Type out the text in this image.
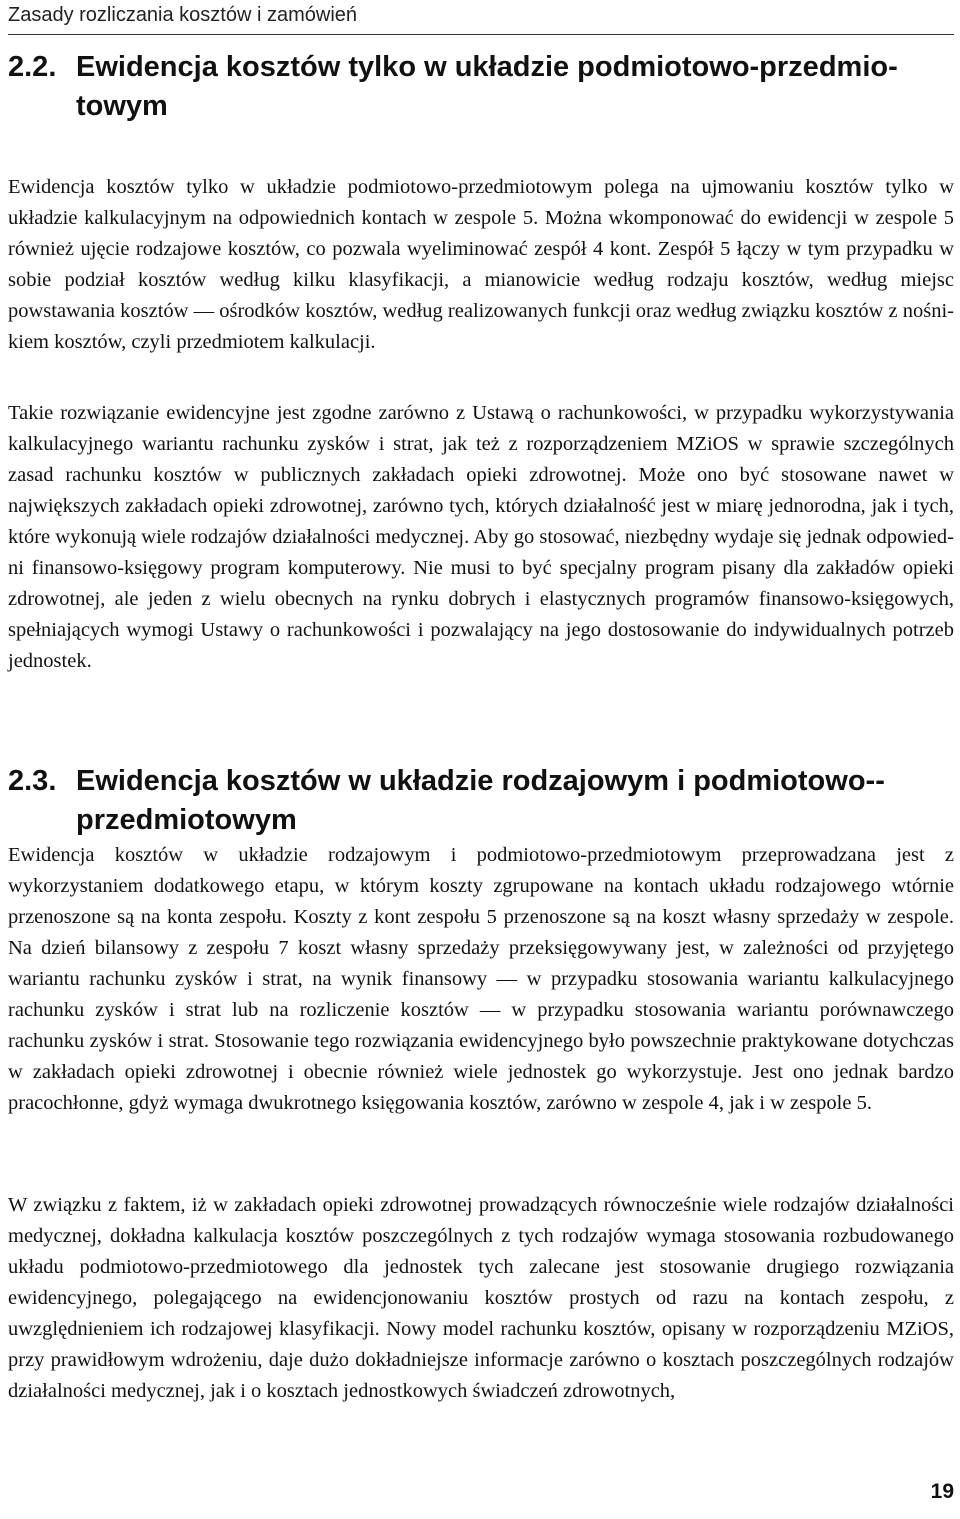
Zasady rozliczania kosztów i zamówień
2.2. Ewidencja kosztów tylko w układzie podmiotowo-przedmio-towym

Ewidencja kosztów tylko w układzie podmiotowo-przedmiotowym polega na ujmowaniu kosztów tylko w układzie kalkulacyjnym na odpowiednich kontach w zespole 5. Można wkomponować do ewidencji w zespole 5 również ujęcie rodzajowe kosztów, co pozwala wyeliminować zespół 4 kont. Zespół 5 łączy w tym przypadku w sobie podział kosztów według kilku klasyfikacji, a mianowicie według rodzaju kosztów, według miejsc powstawania kosztów — ośrodków kosztów, według realizowanych funkcji oraz według związku kosztów z nośnikiem kosztów, czyli przedmiotem kalkulacji.

Takie rozwiązanie ewidencyjne jest zgodne zarówno z Ustawą o rachunkowości, w przypadku wykorzystywania kalkulacyjnego wariantu rachunku zysków i strat, jak też z rozporządzeniem MZiOS w sprawie szczególnych zasad rachunku kosztów w publicznych zakładach opieki zdrowotnej. Może ono być stosowane nawet w największych zakładach opieki zdrowotnej, zarówno tych, których działalność jest w miarę jednorodna, jak i tych, które wykonują wiele rodzajów działalności medycznej. Aby go stosować, niezbędny wydaje się jednak odpowiedni finansowo-księgowy program komputerowy. Nie musi to być specjalny program pisany dla zakładów opieki zdrowotnej, ale jeden z wielu obecnych na rynku dobrych i elastycznych programów finansowo-księgowych, spełniających wymogi Ustawy o rachunkowości i pozwalający na jego dostosowanie do indywidualnych potrzeb jednostek.

2.3. Ewidencja kosztów w układzie rodzajowym i podmiotowo--przedmiotowym

Ewidencja kosztów w układzie rodzajowym i podmiotowo-przedmiotowym przeprowadzana jest z wykorzystaniem dodatkowego etapu, w którym koszty zgrupowane na kontach układu rodzajowego wtórnie przenoszone są na konta zespołu. Koszty z kont zespołu 5 przenoszone są na koszt własny sprzedaży w zespole. Na dzień bilansowy z zespołu 7 koszt własny sprzedaży przeksięgowywany jest, w zależności od przyjętego wariantu rachunku zysków i strat, na wynik finansowy — w przypadku stosowania wariantu kalkulacyjnego rachunku zysków i strat lub na rozliczenie kosztów — w przypadku stosowania wariantu porównawczego rachunku zysków i strat. Stosowanie tego rozwiązania ewidencyjnego było powszechnie praktykowane dotychczas w zakładach opieki zdrowotnej i obecnie również wiele jednostek go wykorzystuje. Jest ono jednak bardzo pracochłonne, gdyż wymaga dwukrotnego księgowania kosztów, zarówno w zespole 4, jak i w zespole 5.

W związku z faktem, iż w zakładach opieki zdrowotnej prowadzących równocześnie wiele rodzajów działalności medycznej, dokładna kalkulacja kosztów poszczególnych z tych rodzajów wymaga stosowania rozbudowanego układu podmiotowo-przedmiotowego dla jednostek tych zalecane jest stosowanie drugiego rozwiązania ewidencyjnego, polegającego na ewidencjonowaniu kosztów prostych od razu na kontach zespołu, z uwzględnieniem ich rodzajowej klasyfikacji. Nowy model rachunku kosztów, opisany w rozporządzeniu MZiOS, przy prawidłowym wdrożeniu, daje dużo dokładniejsze informacje zarówno o kosztach poszczególnych rodzajów działalności medycznej, jak i o kosztach jednostkowych świadczeń zdrowotnych,

19
